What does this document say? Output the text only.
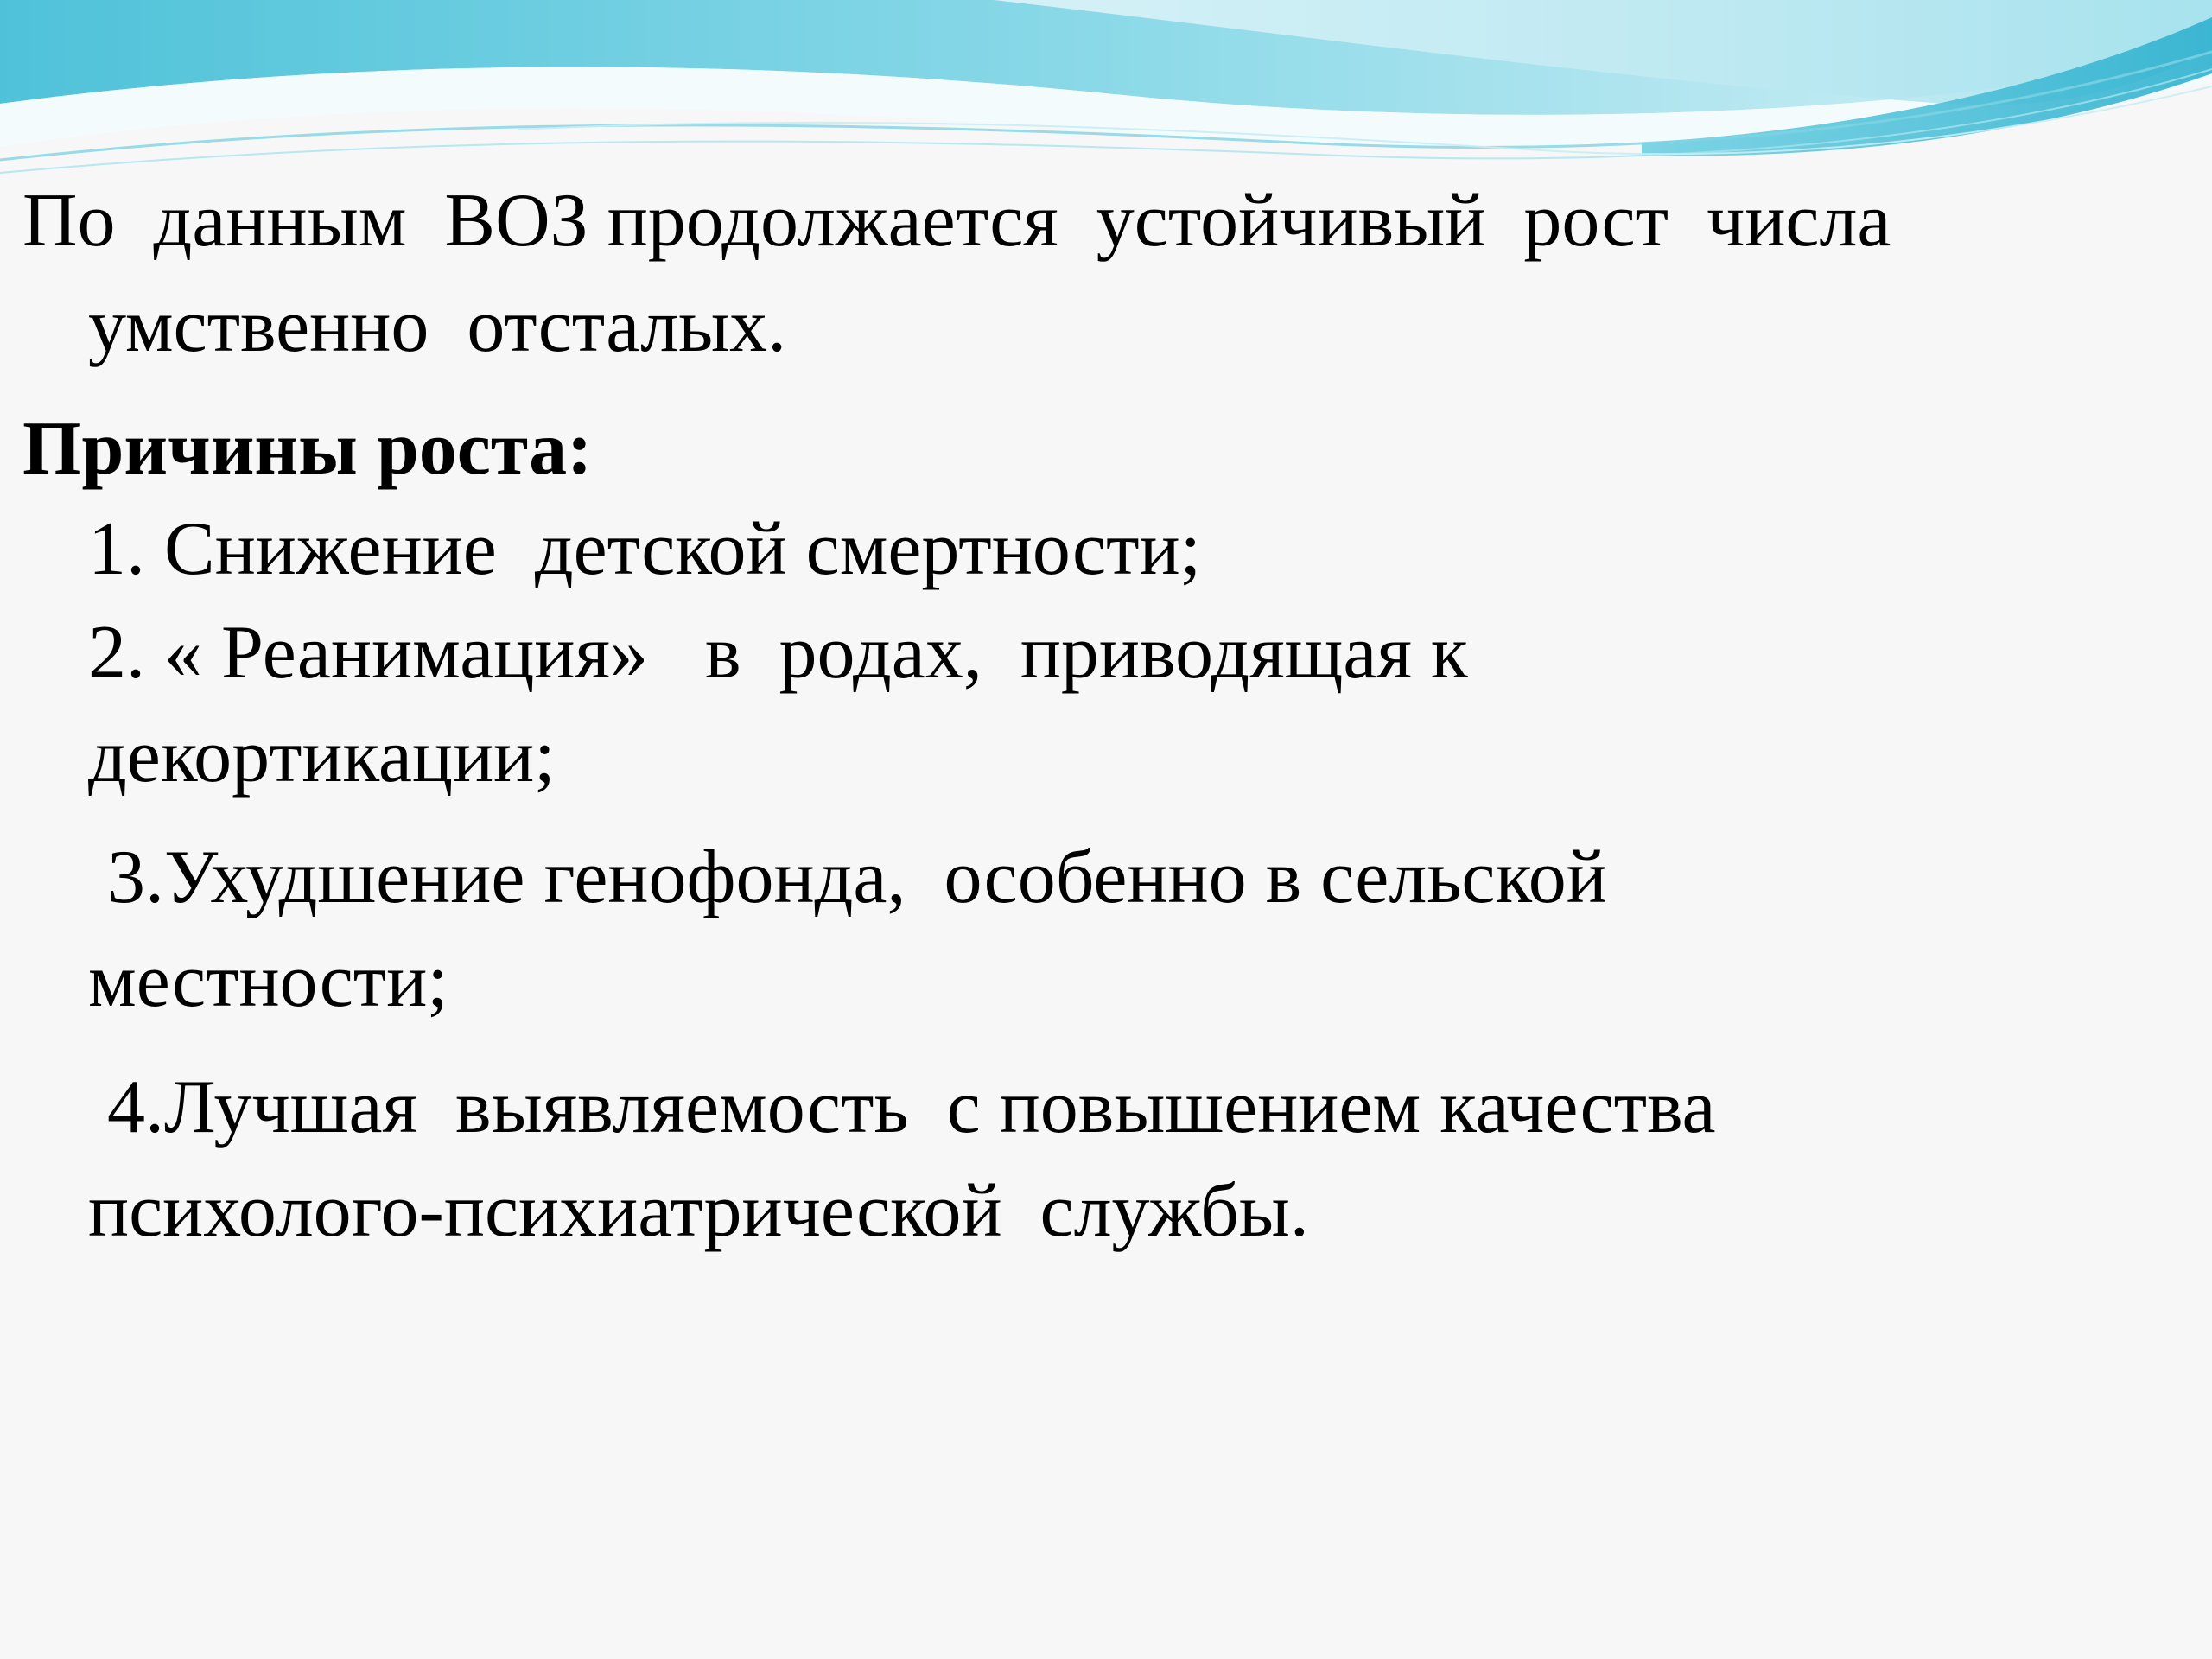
По  данным  ВОЗ продолжается  устойчивый  рост  числа
умственно  отсталых.
Причины роста:
1. Снижение  детской смертности;
2. « Реанимация»   в  родах,  приводящая к
декортикации;
3.Ухудшение генофонда,  особенно в сельской
местности;
4.Лучшая  выявляемость  с повышением качества
психолого-психиатрической  службы.
